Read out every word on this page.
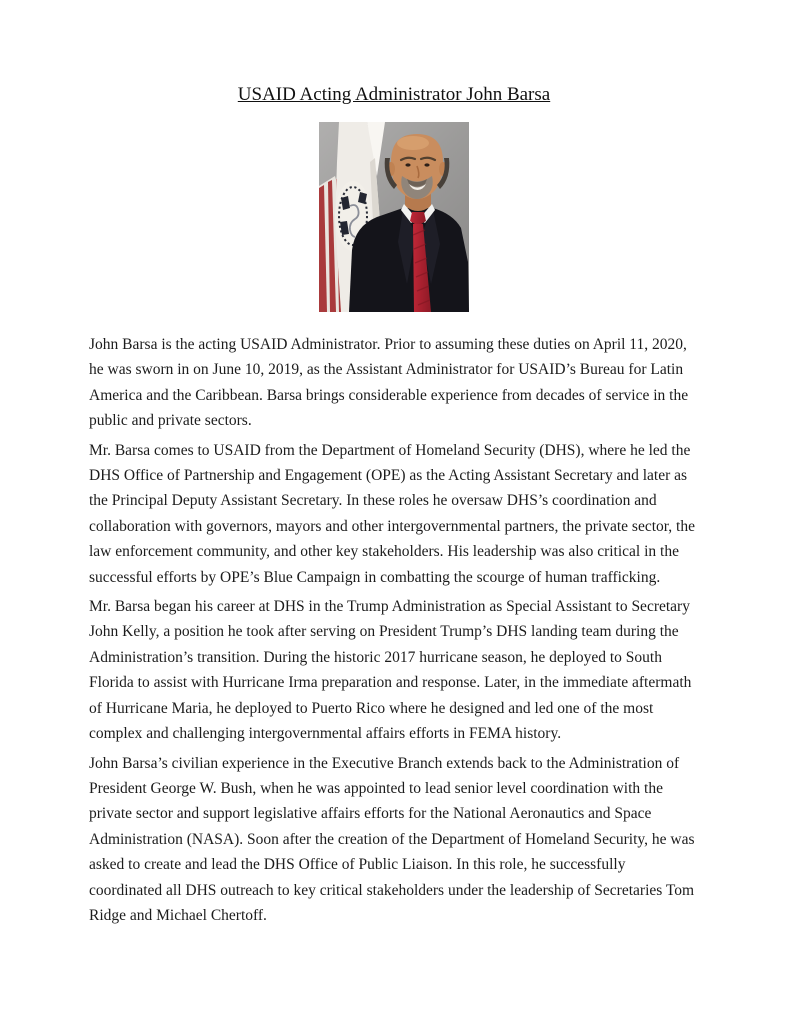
USAID Acting Administrator John Barsa

John Barsa is the acting USAID Administrator. Prior to assuming these duties on April 11, 2020, he was sworn in on June 10, 2019, as the Assistant Administrator for USAID’s Bureau for Latin America and the Caribbean. Barsa brings considerable experience from decades of service in the public and private sectors.

Mr. Barsa comes to USAID from the Department of Homeland Security (DHS), where he led the DHS Office of Partnership and Engagement (OPE) as the Acting Assistant Secretary and later as the Principal Deputy Assistant Secretary. In these roles he oversaw DHS’s coordination and collaboration with governors, mayors and other intergovernmental partners, the private sector, the law enforcement community, and other key stakeholders. His leadership was also critical in the successful efforts by OPE’s Blue Campaign in combatting the scourge of human trafficking.

Mr. Barsa began his career at DHS in the Trump Administration as Special Assistant to Secretary John Kelly, a position he took after serving on President Trump’s DHS landing team during the Administration’s transition. During the historic 2017 hurricane season, he deployed to South Florida to assist with Hurricane Irma preparation and response. Later, in the immediate aftermath of Hurricane Maria, he deployed to Puerto Rico where he designed and led one of the most complex and challenging intergovernmental affairs efforts in FEMA history.

John Barsa’s civilian experience in the Executive Branch extends back to the Administration of President George W. Bush, when he was appointed to lead senior level coordination with the private sector and support legislative affairs efforts for the National Aeronautics and Space Administration (NASA). Soon after the creation of the Department of Homeland Security, he was asked to create and lead the DHS Office of Public Liaison. In this role, he successfully coordinated all DHS outreach to key critical stakeholders under the leadership of Secretaries Tom Ridge and Michael Chertoff.
